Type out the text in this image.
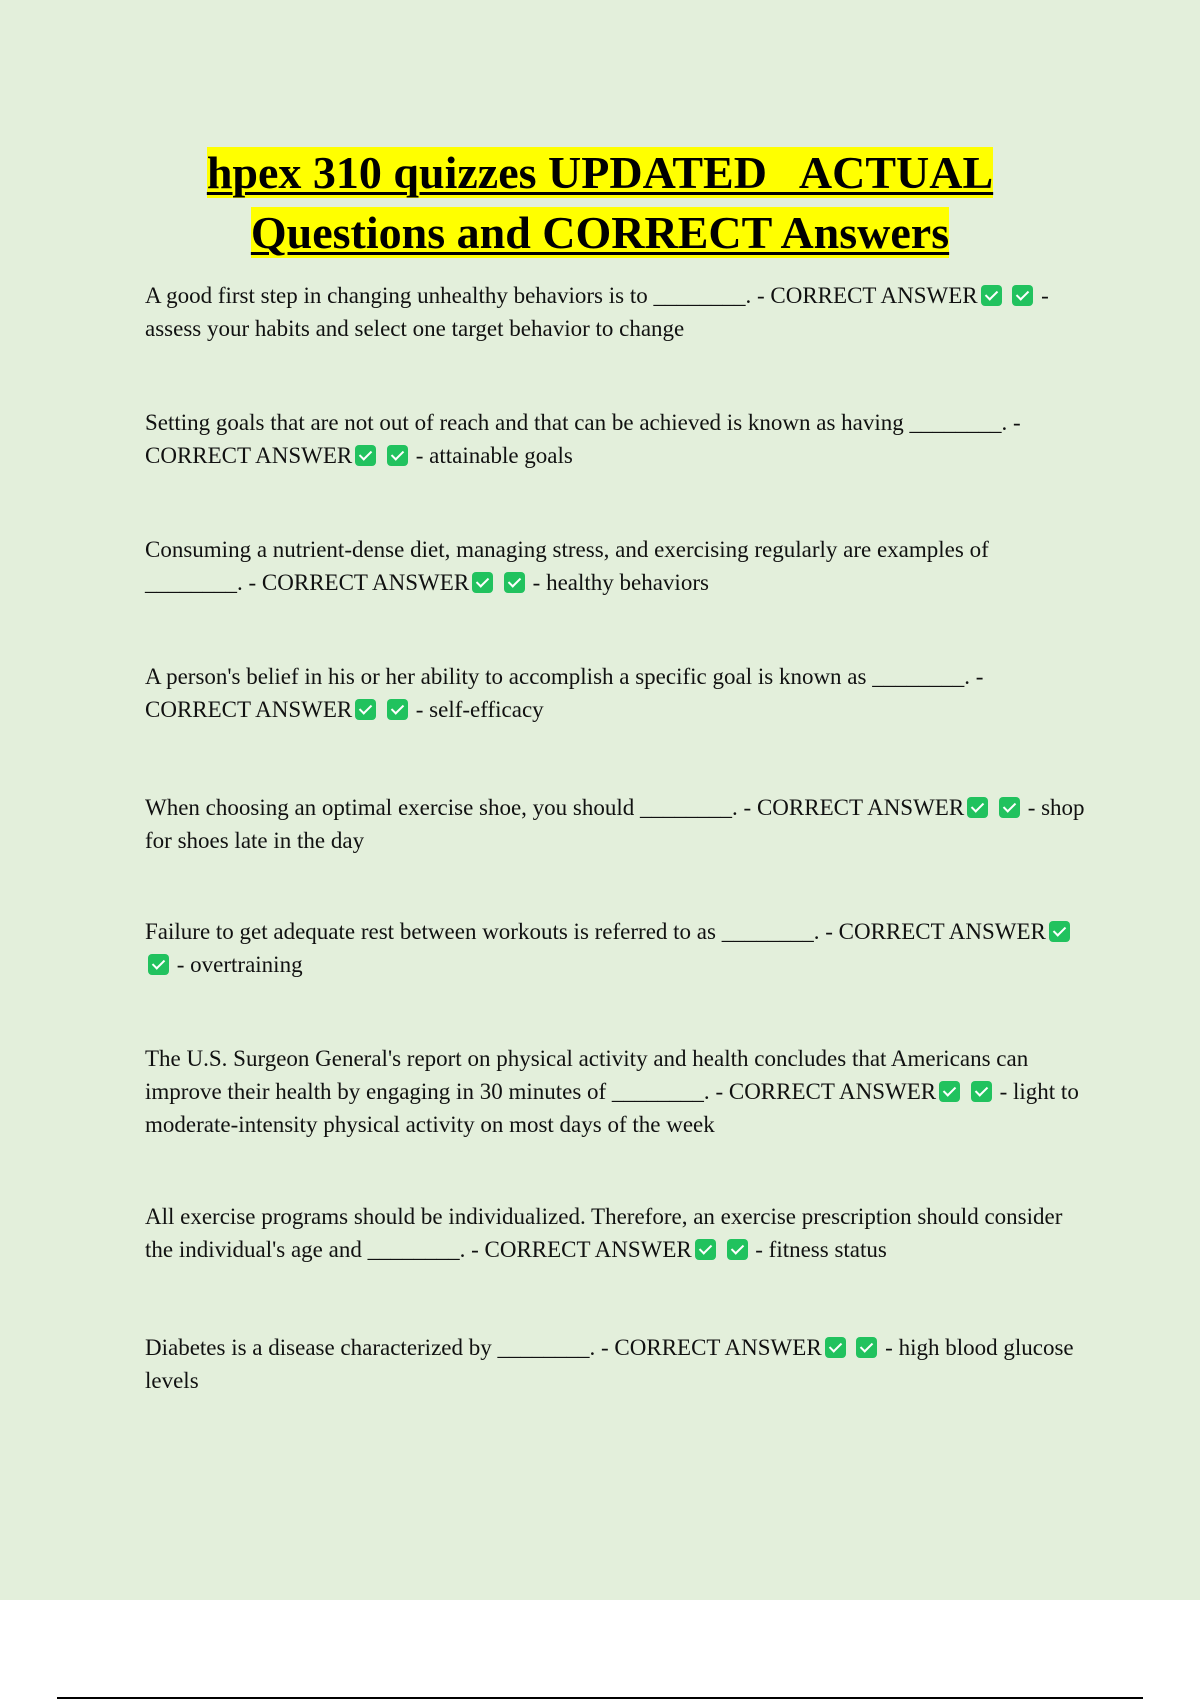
hpex 310 quizzes UPDATED   ACTUAL
Questions and CORRECT Answers

A good first step in changing unhealthy behaviors is to ________. - CORRECT ANSWER	- assess your habits and select one target behavior to change

Setting goals that are not out of reach and that can be achieved is known as having ________. - CORRECT ANSWER	- attainable goals

Consuming a nutrient-dense diet, managing stress, and exercising regularly are examples of ________. - CORRECT ANSWER	- healthy behaviors

A person's belief in his or her ability to accomplish a specific goal is known as ________. - CORRECT ANSWER	- self-efficacy

When choosing an optimal exercise shoe, you should ________. - CORRECT ANSWER	- shop for shoes late in the day

Failure to get adequate rest between workouts is referred to as ________. - CORRECT ANSWER  - overtraining

The U.S. Surgeon General's report on physical activity and health concludes that Americans can improve their health by engaging in 30 minutes of ________. - CORRECT ANSWER	- light to moderate-intensity physical activity on most days of the week

All exercise programs should be individualized. Therefore, an exercise prescription should consider the individual's age and ________. - CORRECT ANSWER	- fitness status

Diabetes is a disease characterized by ________. - CORRECT ANSWER	- high blood glucose levels
